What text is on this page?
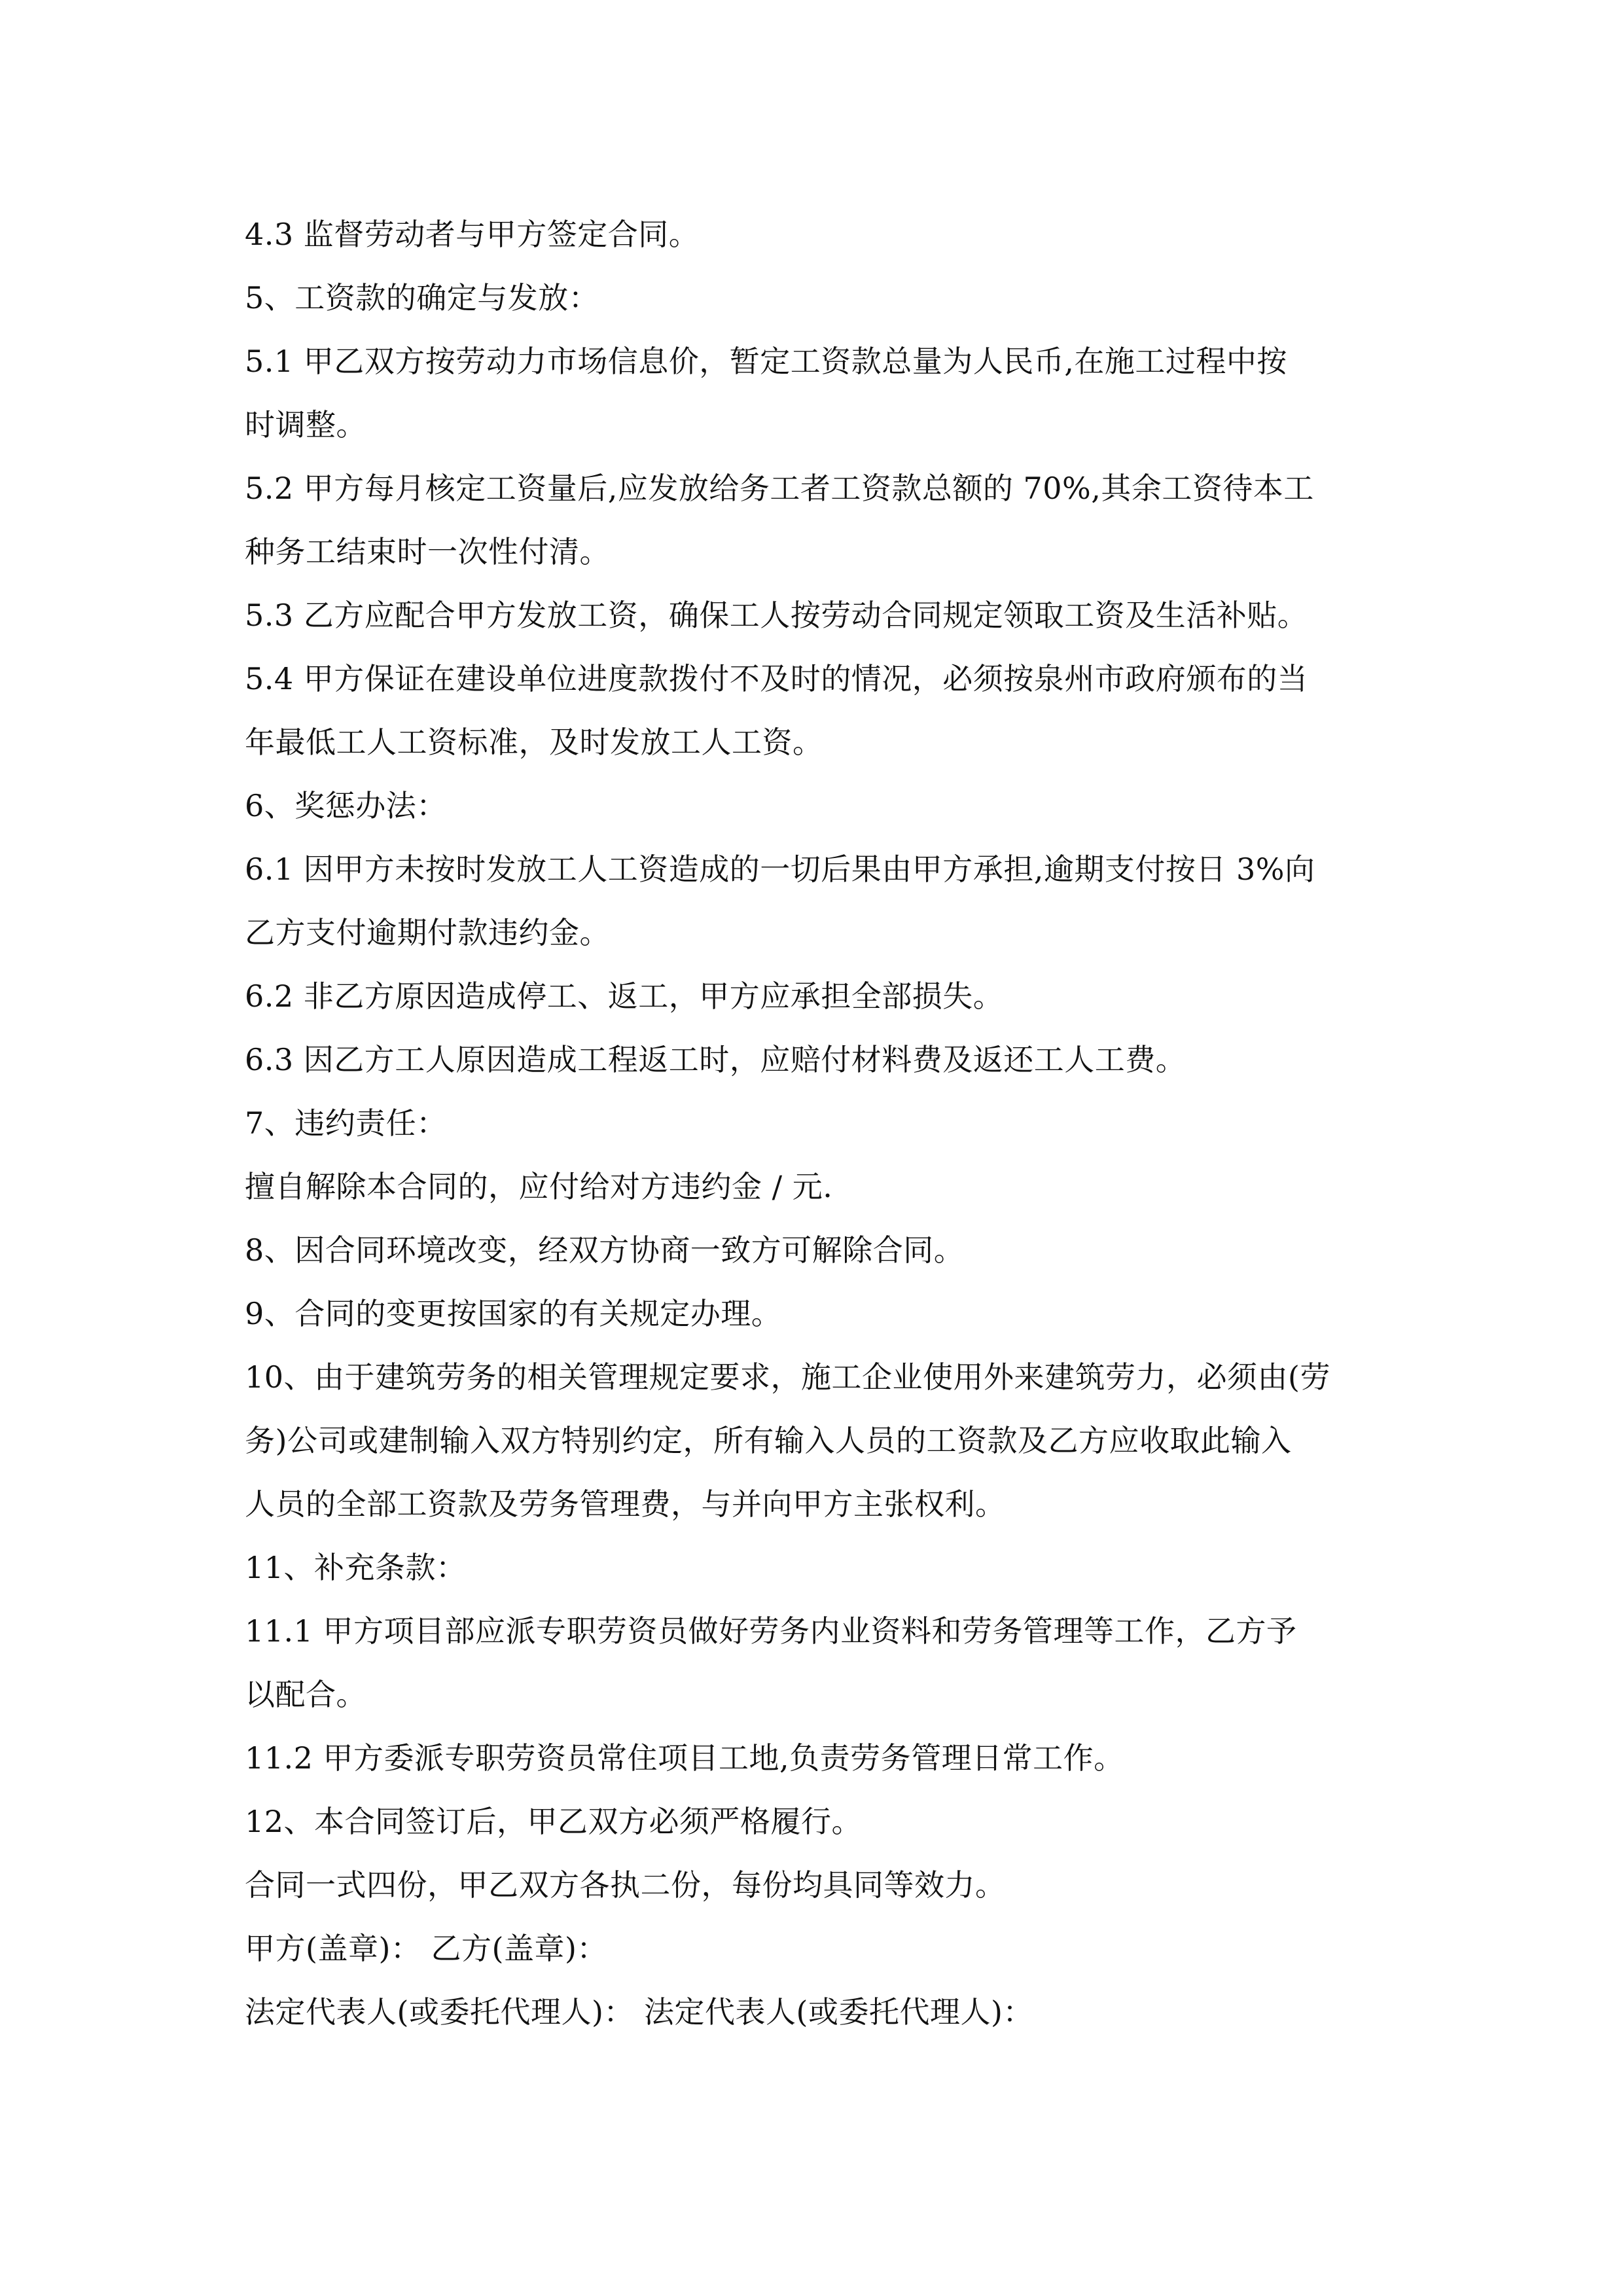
4.3 监督劳动者与甲方签定合同。

5、工资款的确定与发放：

5.1 甲乙双方按劳动力市场信息价，暂定工资款总量为人民币,在施工过程中按

时调整。

5.2 甲方每月核定工资量后,应发放给务工者工资款总额的 70%,其余工资待本工

种务工结束时一次性付清。

5.3 乙方应配合甲方发放工资，确保工人按劳动合同规定领取工资及生活补贴。

5.4 甲方保证在建设单位进度款拨付不及时的情况，必须按泉州市政府颁布的当

年最低工人工资标准，及时发放工人工资。

6、奖惩办法：

6.1 因甲方未按时发放工人工资造成的一切后果由甲方承担,逾期支付按日 3%向

乙方支付逾期付款违约金。

6.2 非乙方原因造成停工、返工，甲方应承担全部损失。

6.3 因乙方工人原因造成工程返工时，应赔付材料费及返还工人工费。

7、违约责任：

擅自解除本合同的，应付给对方违约金 / 元.

8、因合同环境改变，经双方协商一致方可解除合同。

9、合同的变更按国家的有关规定办理。

10、由于建筑劳务的相关管理规定要求，施工企业使用外来建筑劳力，必须由(劳

务)公司或建制输入双方特别约定，所有输入人员的工资款及乙方应收取此输入

人员的全部工资款及劳务管理费，与并向甲方主张权利。

11、补充条款：

11.1 甲方项目部应派专职劳资员做好劳务内业资料和劳务管理等工作，乙方予

以配合。

11.2 甲方委派专职劳资员常住项目工地,负责劳务管理日常工作。

12、本合同签订后，甲乙双方必须严格履行。

合同一式四份，甲乙双方各执二份，每份均具同等效力。

甲方(盖章)： 乙方(盖章)：

法定代表人(或委托代理人)： 法定代表人(或委托代理人)：
